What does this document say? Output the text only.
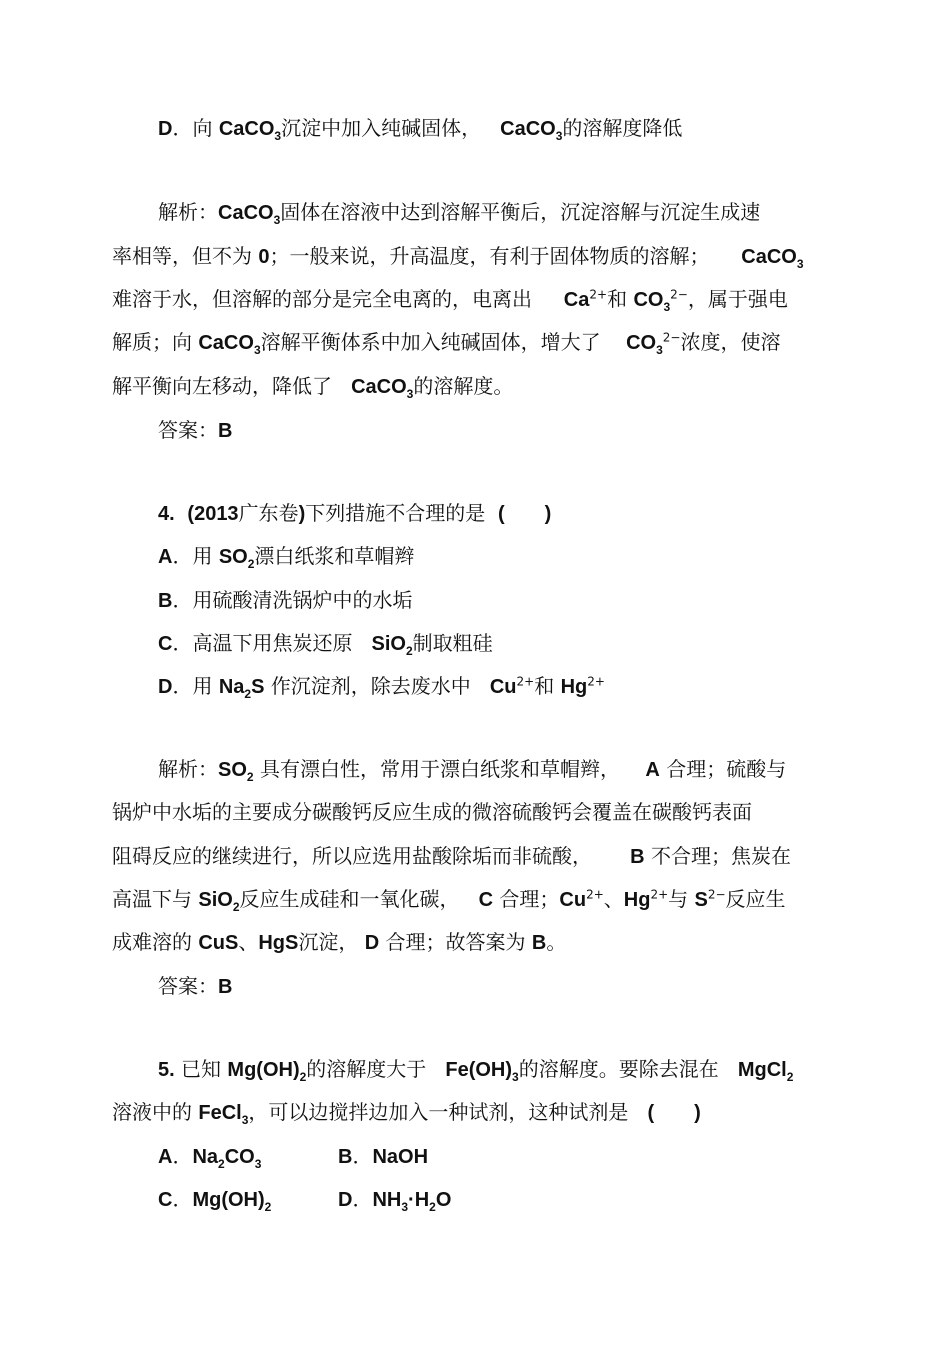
D．向 CaCO$_3$沉淀中加入纯碱固体， CaCO$_3$的溶解度降低
解析：CaCO$_3$固体在溶液中达到溶解平衡后，沉淀溶解与沉淀生成速
率相等，但不为 0；一般来说，升高温度，有利于固体物质的溶解； CaCO$_3$
难溶于水，但溶解的部分是完全电离的，电离出     $Ca^{2+}$和 $CO_3^{2-}$，属于强电
解质；向 CaCO$_3$溶解平衡体系中加入纯碱固体，增大了    $CO_3^{2-}$浓度，使溶
解平衡向左移动，降低了   CaCO$_3$的溶解度。
答案：B
4. (2013广东卷)下列措施不合理的是 (　　)
A．用 $SO_2$漂白纸浆和草帽辫
B．用硫酸清洗锅炉中的水垢
C．高温下用焦炭还原   SiO$_2$制取粗硅
D．用 $Na_2S$ 作沉淀剂，除去废水中   $Cu^{2+}$和 $Hg^{2+}$
解析：$SO_2$ 具有漂白性，常用于漂白纸浆和草帽辫， A 合理；硫酸与
锅炉中水垢的主要成分碳酸钙反应生成的微溶硫酸钙会覆盖在碳酸钙表面
阻碍反应的继续进行，所以应选用盐酸除垢而非硫酸， B 不合理；焦炭在
高温下与 SiO$_2$反应生成硅和一氧化碳， C 合理；$Cu^{2+}$、$Hg^{2+}$与 $S^{2-}$反应生
成难溶的 CuS、HgS沉淀， D 合理；故答案为 B。
答案：B
5. 已知 $Mg(OH)_2$的溶解度大于   $Fe(OH)_3$的溶解度。要除去混在   MgCl$_2$
溶液中的 FeCl$_3$，可以边搅拌边加入一种试剂，这种试剂是 (　　)
A．$Na_2CO_3$	B．NaOH
C．$Mg(OH)_2$	D．$NH_3\cdot H_2O$
